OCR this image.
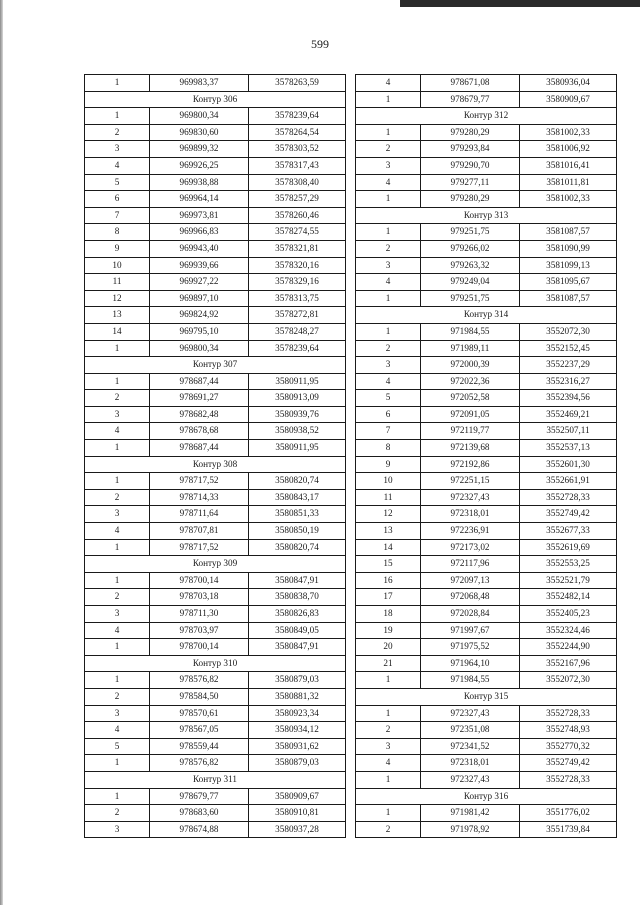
599
1	969983,37	3578263,59
Контур 306		
1	969800,34	3578239,64
2	969830,60	3578264,54
3	969899,32	3578303,52
4	969926,25	3578317,43
5	969938,88	3578308,40
6	969964,14	3578257,29
7	969973,81	3578260,46
8	969966,83	3578274,55
9	969943,40	3578321,81
10	969939,66	3578320,16
11	969927,22	3578329,16
12	969897,10	3578313,75
13	969824,92	3578272,81
14	969795,10	3578248,27
1	969800,34	3578239,64
Контур 307		
1	978687,44	3580911,95
2	978691,27	3580913,09
3	978682,48	3580939,76
4	978678,68	3580938,52
1	978687,44	3580911,95
Контур 308		
1	978717,52	3580820,74
2	978714,33	3580843,17
3	978711,64	3580851,33
4	978707,81	3580850,19
1	978717,52	3580820,74
Контур 309		
1	978700,14	3580847,91
2	978703,18	3580838,70
3	978711,30	3580826,83
4	978703,97	3580849,05
1	978700,14	3580847,91
Контур 310		
1	978576,82	3580879,03
2	978584,50	3580881,32
3	978570,61	3580923,34
4	978567,05	3580934,12
5	978559,44	3580931,62
1	978576,82	3580879,03
Контур 311		
1	978679,77	3580909,67
2	978683,60	3580910,81
3	978674,88	3580937,28
4	978671,08	3580936,04
1	978679,77	3580909,67
Контур 312		
1	979280,29	3581002,33
2	979293,84	3581006,92
3	979290,70	3581016,41
4	979277,11	3581011,81
1	979280,29	3581002,33
Контур 313		
1	979251,75	3581087,57
2	979266,02	3581090,99
3	979263,32	3581099,13
4	979249,04	3581095,67
1	979251,75	3581087,57
Контур 314		
1	971984,55	3552072,30
2	971989,11	3552152,45
3	972000,39	3552237,29
4	972022,36	3552316,27
5	972052,58	3552394,56
6	972091,05	3552469,21
7	972119,77	3552507,11
8	972139,68	3552537,13
9	972192,86	3552601,30
10	972251,15	3552661,91
11	972327,43	3552728,33
12	972318,01	3552749,42
13	972236,91	3552677,33
14	972173,02	3552619,69
15	972117,96	3552553,25
16	972097,13	3552521,79
17	972068,48	3552482,14
18	972028,84	3552405,23
19	971997,67	3552324,46
20	971975,52	3552244,90
21	971964,10	3552167,96
1	971984,55	3552072,30
Контур 315		
1	972327,43	3552728,33
2	972351,08	3552748,93
3	972341,52	3552770,32
4	972318,01	3552749,42
1	972327,43	3552728,33
Контур 316		
1	971981,42	3551776,02
2	971978,92	3551739,84
